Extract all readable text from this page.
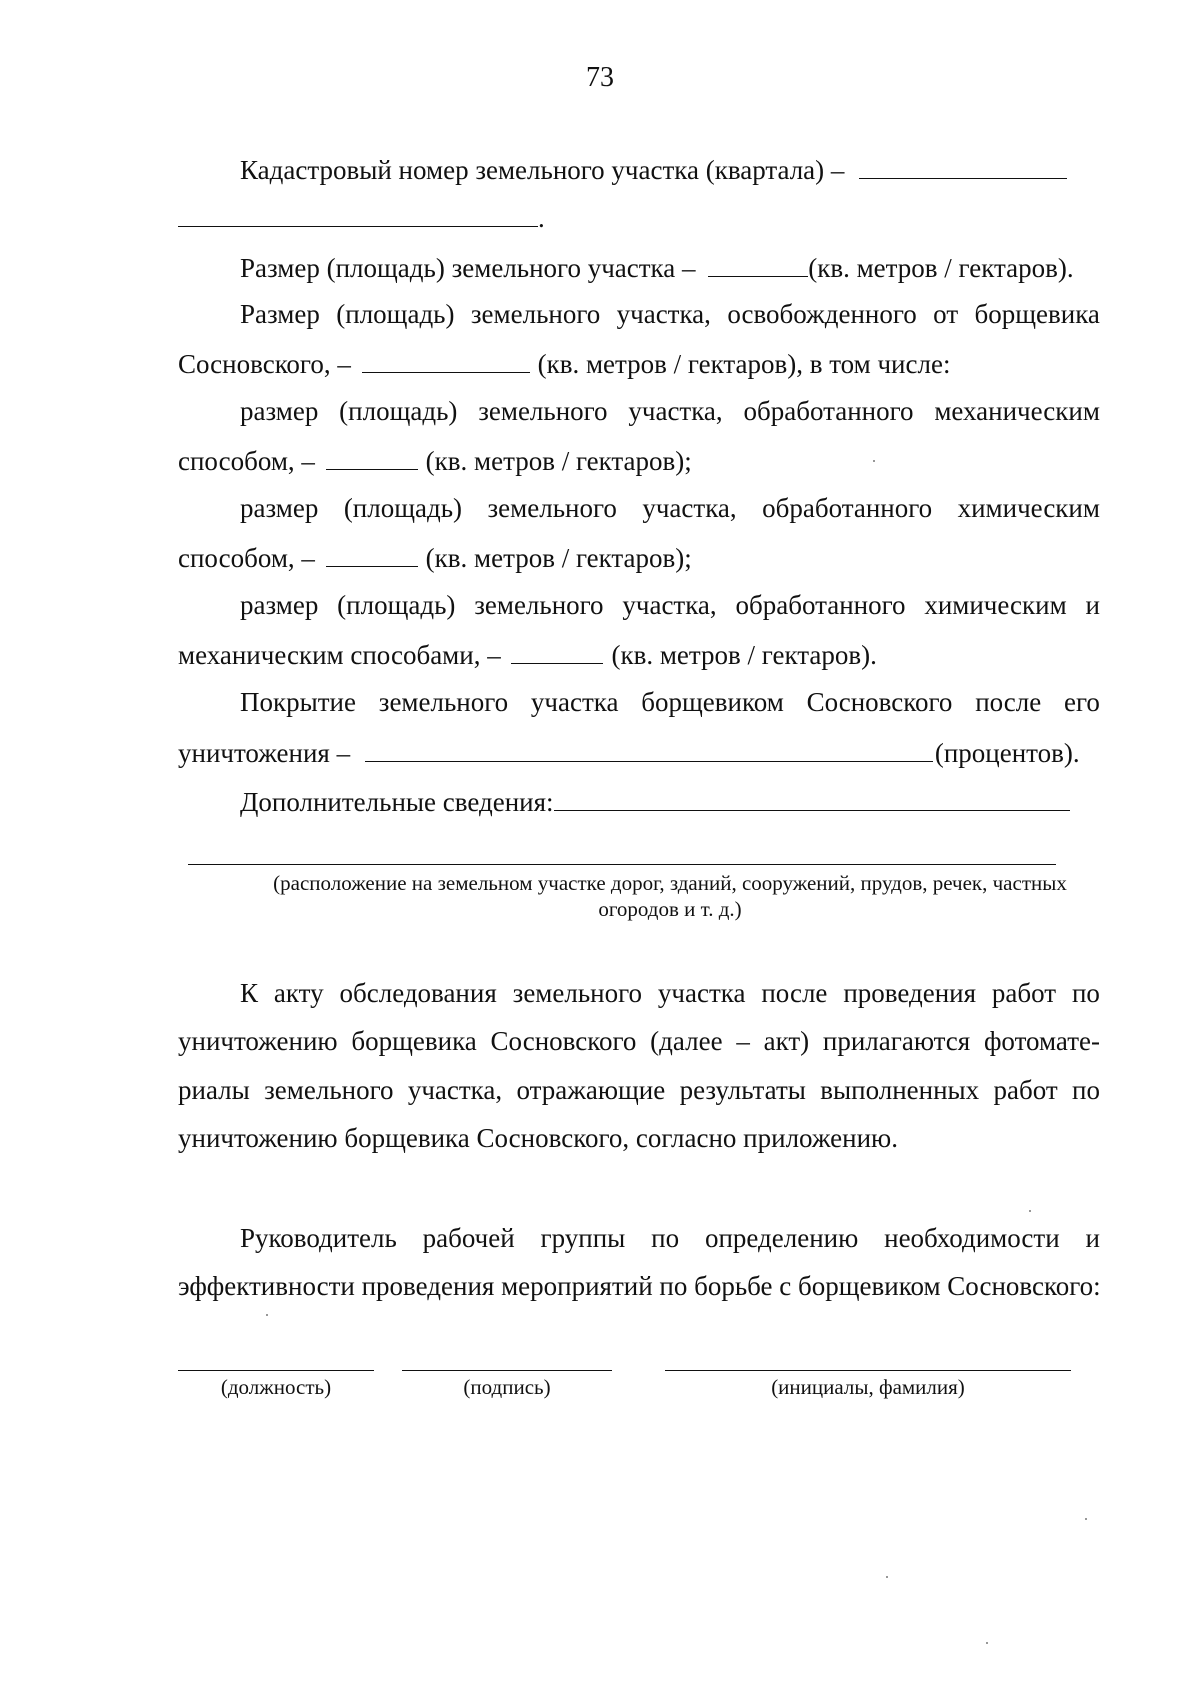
73
Кадастровый номер земельного участка (квартала) –
.
Размер (площадь) земельного участка –	(кв. метров / гектаров).
Размер (площадь) земельного участка, освобожденного от борщевика
Сосновского, –	(кв. метров / гектаров), в том числе:
размер (площадь) земельного участка, обработанного механическим
способом, –	(кв. метров / гектаров);
размер (площадь) земельного участка, обработанного химическим
способом, –	(кв. метров / гектаров);
размер (площадь) земельного участка, обработанного химическим и
механическим способами, –	(кв. метров / гектаров).
Покрытие земельного участка борщевиком Сосновского после его
уничтожения –	(процентов).
Дополнительные сведения:
(расположение на земельном участке дорог, зданий, сооружений, прудов, речек, частных огородов и т. д.)
К акту обследования земельного участка после проведения работ по
уничтожению борщевика Сосновского (далее – акт) прилагаются фотомате-
риалы земельного участка, отражающие результаты выполненных работ по
уничтожению борщевика Сосновского, согласно приложению.
Руководитель рабочей группы по определению необходимости и
эффективности проведения мероприятий по борьбе с борщевиком Сосновского:
(должность)	(подпись)	(инициалы, фамилия)
